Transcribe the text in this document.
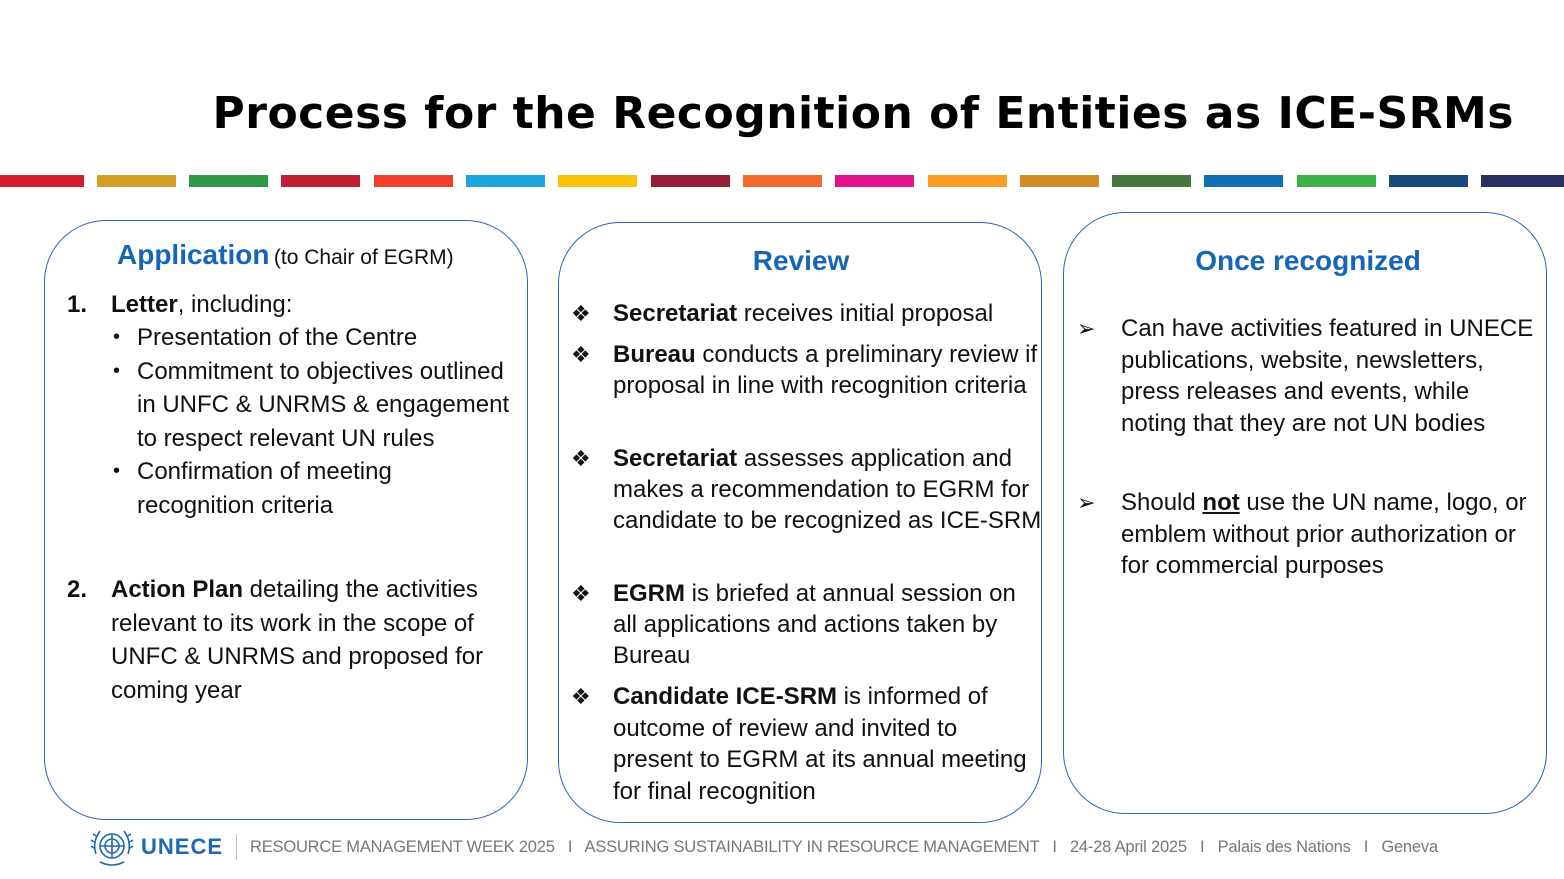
Process for the Recognition of Entities as ICE-SRMs
Application (to Chair of EGRM)
1. Letter, including:
• Presentation of the Centre
• Commitment to objectives outlined in UNFC & UNRMS & engagement to respect relevant UN rules
• Confirmation of meeting recognition criteria
2. Action Plan detailing the activities relevant to its work in the scope of UNFC & UNRMS and proposed for coming year
Review
❖ Secretariat receives initial proposal
❖ Bureau conducts a preliminary review if proposal in line with recognition criteria
❖ Secretariat assesses application and makes a recommendation to EGRM for candidate to be recognized as ICE-SRM
❖ EGRM is briefed at annual session on all applications and actions taken by Bureau
❖ Candidate ICE-SRM is informed of outcome of review and invited to present to EGRM at its annual meeting for final recognition
Once recognized
➢ Can have activities featured in UNECE publications, website, newsletters, press releases and events, while noting that they are not UN bodies
➢ Should not use the UN name, logo, or emblem without prior authorization or for commercial purposes
UNECE RESOURCE MANAGEMENT WEEK 2025   I   ASSURING SUSTAINABILITY IN RESOURCE MANAGEMENT   I   24-28 April 2025   I   Palais des Nations   I   Geneva
